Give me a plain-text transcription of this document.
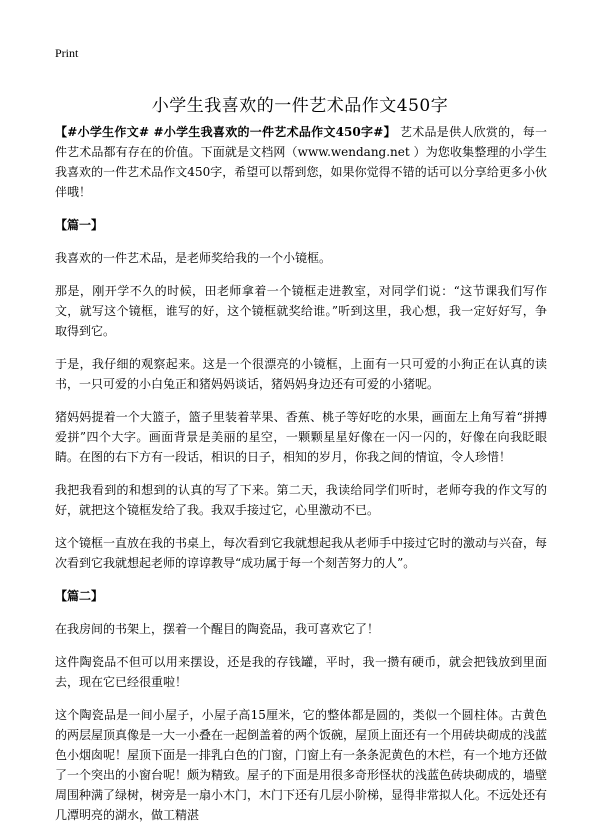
Print
小学生我喜欢的一件艺术品作文450字

【#小学生作文# #小学生我喜欢的一件艺术品作文450字#】 艺术品是供人欣赏的，每一件艺术品都有存在的价值。下面就是文档网（www.wendang.net ）为您收集整理的小学生我喜欢的一件艺术品作文450字，希望可以帮到您，如果你觉得不错的话可以分享给更多小伙伴哦！

【篇一】

我喜欢的一件艺术品，是老师奖给我的一个小镜框。

那是，刚开学不久的时候，田老师拿着一个镜框走进教室，对同学们说：“这节课我们写作文，就写这个镜框，谁写的好，这个镜框就奖给谁。”听到这里，我心想，我一定好好写，争取得到它。

于是，我仔细的观察起来。这是一个很漂亮的小镜框，上面有一只可爱的小狗正在认真的读书，一只可爱的小白兔正和猪妈妈谈话，猪妈妈身边还有可爱的小猪呢。

猪妈妈提着一个大篮子，篮子里装着苹果、香蕉、桃子等好吃的水果，画面左上角写着“拼搏爱拼”四个大字。画面背景是美丽的星空，一颗颗星星好像在一闪一闪的，好像在向我眨眼睛。在图的右下方有一段话，相识的日子，相知的岁月，你我之间的情谊，令人珍惜！

我把我看到的和想到的认真的写了下来。第二天，我读给同学们听时，老师夸我的作文写的好，就把这个镜框发给了我。我双手接过它，心里激动不已。

这个镜框一直放在我的书桌上，每次看到它我就想起我从老师手中接过它时的激动与兴奋，每次看到它我就想起老师的谆谆教导“成功属于每一个刻苦努力的人”。

【篇二】

在我房间的书架上，摆着一个醒目的陶瓷品，我可喜欢它了！

这件陶瓷品不但可以用来摆设，还是我的存钱罐，平时，我一攒有硬币，就会把钱放到里面去，现在它已经很重啦！

这个陶瓷品是一间小屋子，小屋子高15厘米，它的整体都是圆的，类似一个圆柱体。古黄色的两层屋顶真像是一大一小叠在一起倒盖着的两个饭碗，屋顶上面还有一个用砖块砌成的浅蓝色小烟囱呢！屋顶下面是一排乳白色的门窗，门窗上有一条条泥黄色的木栏，有一个地方还做了一个突出的小窗台呢！颇为精致。屋子的下面是用很多奇形怪状的浅蓝色砖块砌成的，墙壁周围种满了绿树，树旁是一扇小木门，木门下还有几层小阶梯，显得非常拟人化。不远处还有几潭明亮的湖水，做工精湛
